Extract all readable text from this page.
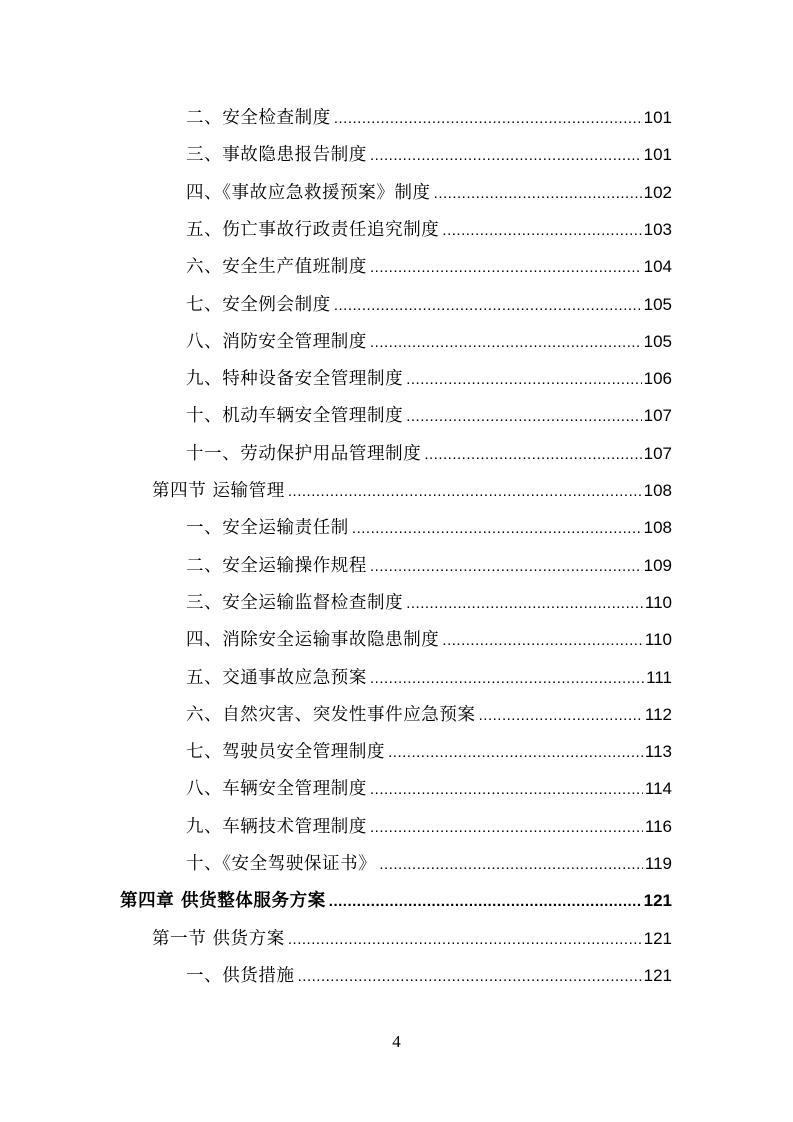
二、安全检查制度 .....	101
三、事故隐患报告制度 .....	101
四、《事故应急救援预案》制度 .....	102
五、伤亡事故行政责任追究制度 .....	103
六、安全生产值班制度 .....	104
七、安全例会制度 .....	105
八、消防安全管理制度 .....	105
九、特种设备安全管理制度 .....	106
十、机动车辆安全管理制度 .....	107
十一、劳动保护用品管理制度 .....	107
第四节 运输管理 .....	108
一、安全运输责任制 .....	108
二、安全运输操作规程 .....	109
三、安全运输监督检查制度 .....	110
四、消除安全运输事故隐患制度 .....	110
五、交通事故应急预案 .....	111
六、自然灾害、突发性事件应急预案 .....	112
七、驾驶员安全管理制度 .....	113
八、车辆安全管理制度 .....	114
九、车辆技术管理制度 .....	116
十、《安全驾驶保证书》 .....	119
第四章 供货整体服务方案 .....	121
第一节 供货方案 .....	121
一、供货措施 .....	121
4
